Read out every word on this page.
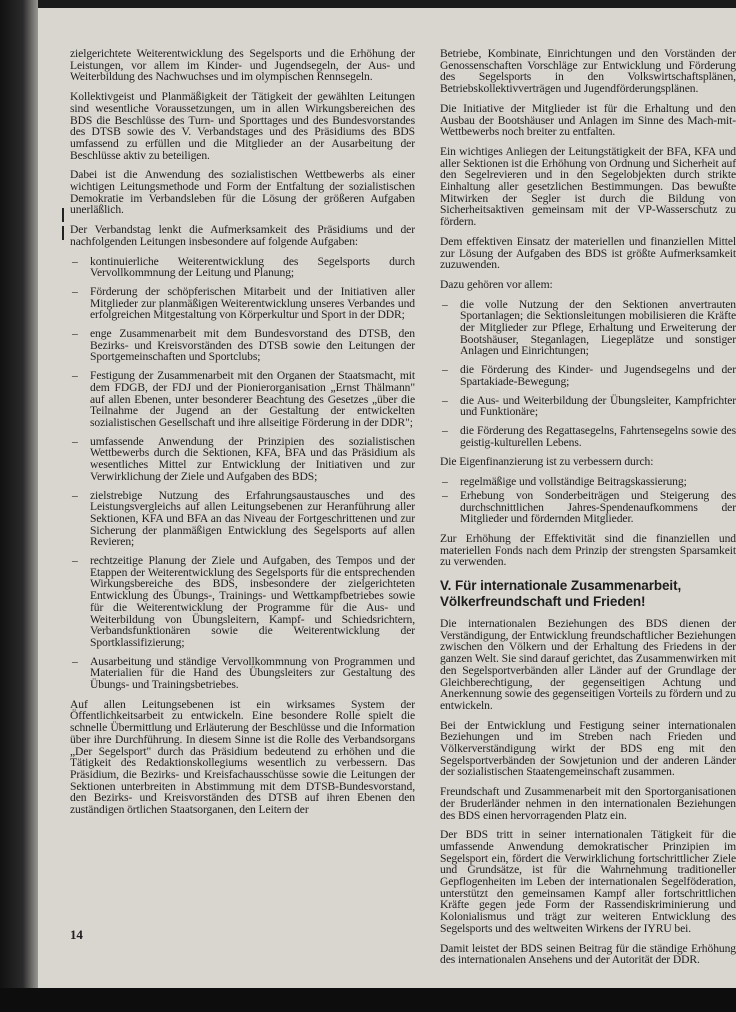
zielgerichtete Weiterentwicklung des Segelsports und die Erhöhung der Leistungen, vor allem im Kinder- und Jugendsegeln, der Aus- und Weiterbildung des Nachwuchses und im olympischen Rennsegeln.

Kollektivgeist und Planmäßigkeit der Tätigkeit der gewählten Leitungen sind wesentliche Voraussetzungen, um in allen Wirkungsbereichen des BDS die Beschlüsse des Turn- und Sporttages und des Bundesvorstandes des DTSB sowie des V. Verbandstages und des Präsidiums des BDS umfassend zu erfüllen und die Mitglieder an der Ausarbeitung der Beschlüsse aktiv zu beteiligen.

Dabei ist die Anwendung des sozialistischen Wettbewerbs als einer wichtigen Leitungsmethode und Form der Entfaltung der sozialistischen Demokratie im Verbandsleben für die Lösung der größeren Aufgaben unerläßlich.

Der Verbandstag lenkt die Aufmerksamkeit des Präsidiums und der nachfolgenden Leitungen insbesondere auf folgende Aufgaben:

– kontinuierliche Weiterentwicklung des Segelsports durch Vervollkommnung der Leitung und Planung;
– Förderung der schöpferischen Mitarbeit und der Initiativen aller Mitglieder zur planmäßigen Weiterentwicklung unseres Verbandes und erfolgreichen Mitgestaltung von Körperkultur und Sport in der DDR;
– enge Zusammenarbeit mit dem Bundesvorstand des DTSB, den Bezirks- und Kreisvorständen des DTSB sowie den Leitungen der Sportgemeinschaften und Sportclubs;
– Festigung der Zusammenarbeit mit den Organen der Staatsmacht, mit dem FDGB, der FDJ und der Pionierorganisation „Ernst Thälmann" auf allen Ebenen, unter besonderer Beachtung des Gesetzes „über die Teilnahme der Jugend an der Gestaltung der entwickelten sozialistischen Gesellschaft und ihre allseitige Förderung in der DDR";
– umfassende Anwendung der Prinzipien des sozialistischen Wettbewerbs durch die Sektionen, KFA, BFA und das Präsidium als wesentliches Mittel zur Entwicklung der Initiativen und zur Verwirklichung der Ziele und Aufgaben des BDS;
– zielstrebige Nutzung des Erfahrungsaustausches und des Leistungsvergleichs auf allen Leitungsebenen zur Heranführung aller Sektionen, KFA und BFA an das Niveau der Fortgeschrittenen und zur Sicherung der planmäßigen Entwicklung des Segelsports auf allen Revieren;
– rechtzeitige Planung der Ziele und Aufgaben, des Tempos und der Etappen der Weiterentwicklung des Segelsports für die entsprechenden Wirkungsbereiche des BDS, insbesondere der zielgerichteten Entwicklung des Übungs-, Trainings- und Wettkampfbetriebes sowie für die Weiterentwicklung der Programme für die Aus- und Weiterbildung von Übungsleitern, Kampf- und Schiedsrichtern, Verbandsfunktionären sowie die Weiterentwicklung der Sportklassifizierung;
– Ausarbeitung und ständige Vervollkommnung von Programmen und Materialien für die Hand des Übungsleiters zur Gestaltung des Übungs- und Trainingsbetriebes.

Auf allen Leitungsebenen ist ein wirksames System der Öffentlichkeitsarbeit zu entwickeln. Eine besondere Rolle spielt die schnelle Übermittlung und Erläuterung der Beschlüsse und die Information über ihre Durchführung. In diesem Sinne ist die Rolle des Verbandsorgans „Der Segelsport" durch das Präsidium bedeutend zu erhöhen und die Tätigkeit des Redaktionskollegiums wesentlich zu verbessern. Das Präsidium, die Bezirks- und Kreisfachausschüsse sowie die Leitungen der Sektionen unterbreiten in Abstimmung mit dem DTSB-Bundesvorstand, den Bezirks- und Kreisvorständen des DTSB auf ihren Ebenen den zuständigen örtlichen Staatsorganen, den Leitern der

Betriebe, Kombinate, Einrichtungen und den Vorständen der Genossenschaften Vorschläge zur Entwicklung und Förderung des Segelsports in den Volkswirtschaftsplänen, Betriebskollektivverträgen und Jugendförderungsplänen.

Die Initiative der Mitglieder ist für die Erhaltung und den Ausbau der Bootshäuser und Anlagen im Sinne des Mach-mit-Wettbewerbs noch breiter zu entfalten.

Ein wichtiges Anliegen der Leitungstätigkeit der BFA, KFA und aller Sektionen ist die Erhöhung von Ordnung und Sicherheit auf den Segelrevieren und in den Segelobjekten durch strikte Einhaltung aller gesetzlichen Bestimmungen. Das bewußte Mitwirken der Segler ist durch die Bildung von Sicherheitsaktiven gemeinsam mit der VP-Wasserschutz zu fördern.

Dem effektiven Einsatz der materiellen und finanziellen Mittel zur Lösung der Aufgaben des BDS ist größte Aufmerksamkeit zuzuwenden.

Dazu gehören vor allem:

– die volle Nutzung der den Sektionen anvertrauten Sportanlagen; die Sektionsleitungen mobilisieren die Kräfte der Mitglieder zur Pflege, Erhaltung und Erweiterung der Bootshäuser, Steganlagen, Liegeplätze und sonstiger Anlagen und Einrichtungen;
– die Förderung des Kinder- und Jugendsegelns und der Spartakiade-Bewegung;
– die Aus- und Weiterbildung der Übungsleiter, Kampfrichter und Funktionäre;
– die Förderung des Regattasegelns, Fahrtensegelns sowie des geistig-kulturellen Lebens.

Die Eigenfinanzierung ist zu verbessern durch:

– regelmäßige und vollständige Beitragskassierung;
– Erhebung von Sonderbeiträgen und Steigerung des durchschnittlichen Jahres-Spendenaufkommens der Mitglieder und fördernden Mitglieder.

Zur Erhöhung der Effektivität sind die finanziellen und materiellen Fonds nach dem Prinzip der strengsten Sparsamkeit zu verwenden.

V. Für internationale Zusammenarbeit, Völkerfreundschaft und Frieden!

Die internationalen Beziehungen des BDS dienen der Verständigung, der Entwicklung freundschaftlicher Beziehungen zwischen den Völkern und der Erhaltung des Friedens in der ganzen Welt. Sie sind darauf gerichtet, das Zusammenwirken mit den Segelsportverbänden aller Länder auf der Grundlage der Gleichberechtigung, der gegenseitigen Achtung und Anerkennung sowie des gegenseitigen Vorteils zu fördern und zu entwickeln.

Bei der Entwicklung und Festigung seiner internationalen Beziehungen und im Streben nach Frieden und Völkerverständigung wirkt der BDS eng mit den Segelsportverbänden der Sowjetunion und der anderen Länder der sozialistischen Staatengemeinschaft zusammen.

Freundschaft und Zusammenarbeit mit den Sportorganisationen der Bruderländer nehmen in den internationalen Beziehungen des BDS einen hervorragenden Platz ein.

Der BDS tritt in seiner internationalen Tätigkeit für die umfassende Anwendung demokratischer Prinzipien im Segelsport ein, fördert die Verwirklichung fortschrittlicher Ziele und Grundsätze, ist für die Wahrnehmung traditioneller Gepflogenheiten im Leben der internationalen Segelföderation, unterstützt den gemeinsamen Kampf aller fortschrittlichen Kräfte gegen jede Form der Rassendiskriminierung und Kolonialismus und trägt zur weiteren Entwicklung des Segelsports und des weltweiten Wirkens der IYRU bei.

Damit leistet der BDS seinen Beitrag für die ständige Erhöhung des internationalen Ansehens und der Autorität der DDR.

14
